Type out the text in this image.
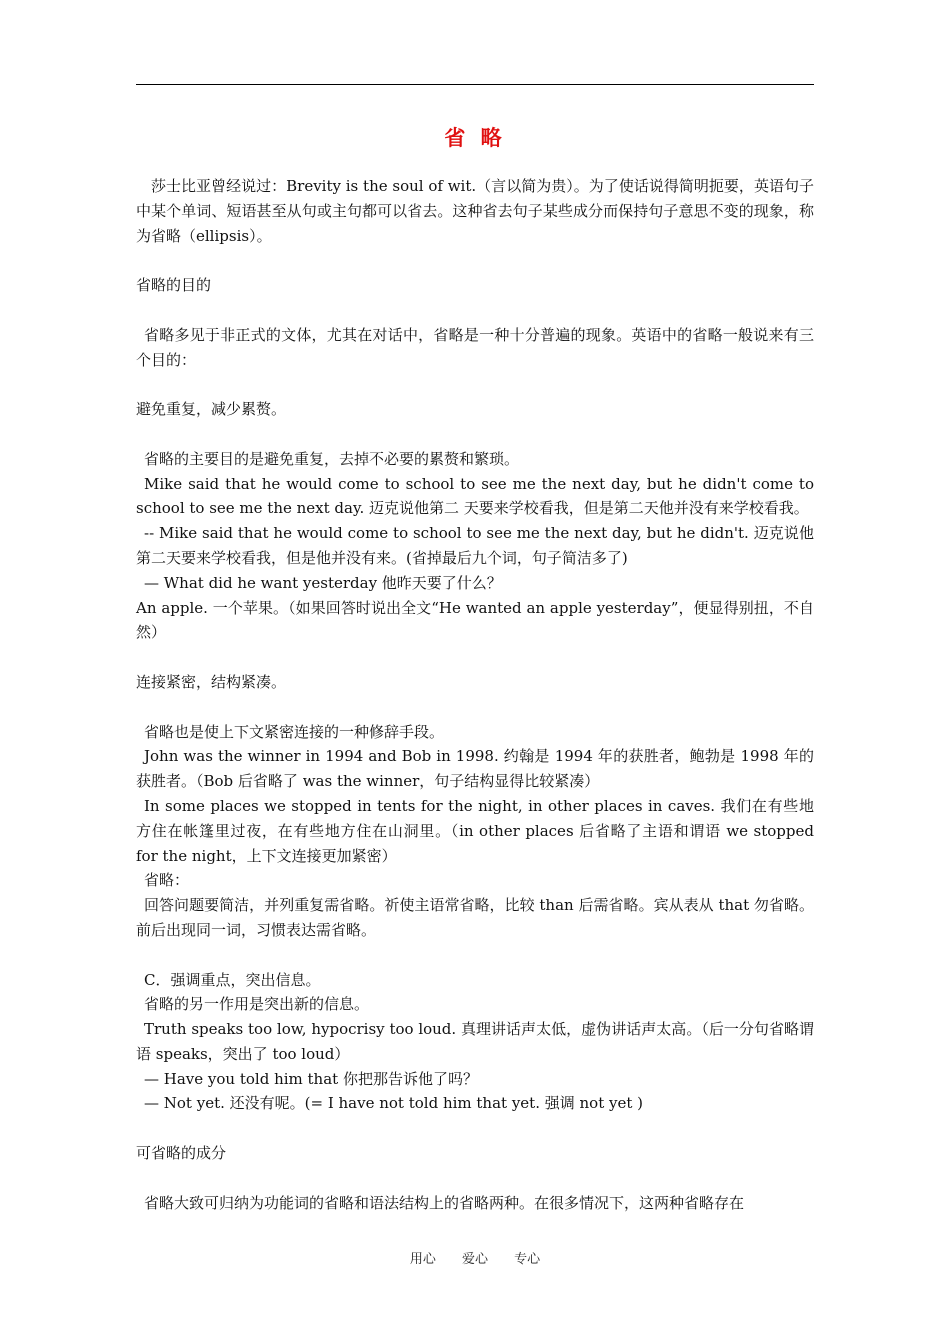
省 略

莎士比亚曾经说过：Brevity is the soul of wit.（言以简为贵）。为了使话说得简明扼要，英语句子中某个单词、短语甚至从句或主句都可以省去。这种省去句子某些成分而保持句子意思不变的现象，称为省略（ellipsis）。

省略的目的

省略多见于非正式的文体，尤其在对话中，省略是一种十分普遍的现象。英语中的省略一般说来有三个目的：

避免重复，减少累赘。

省略的主要目的是避免重复，去掉不必要的累赘和繁琐。

Mike said that he would come to school to see me the next day, but he didn't come to school to see me the next day. 迈克说他第二 天要来学校看我，但是第二天他并没有来学校看我。

-- Mike said that he would come to school to see me the next day, but he didn't. 迈克说他第二天要来学校看我，但是他并没有来。(省掉最后九个词，句子简洁多了)

— What did he want yesterday 他昨天要了什么？

An apple. 一个苹果。（如果回答时说出全文“He wanted an apple yesterday”，便显得别扭，不自然）

连接紧密，结构紧凑。

省略也是使上下文紧密连接的一种修辞手段。

John was the winner in 1994 and Bob in 1998. 约翰是 1994 年的获胜者，鲍勃是 1998 年的获胜者。（Bob 后省略了 was the winner，句子结构显得比较紧凑）

In some places we stopped in tents for the night, in other places in caves. 我们在有些地方住在帐篷里过夜，在有些地方住在山洞里。（in other places 后省略了主语和谓语 we stopped for the night，上下文连接更加紧密）

省略：

回答问题要简洁，并列重复需省略。祈使主语常省略，比较 than 后需省略。宾从表从 that 勿省略。前后出现同一词，习惯表达需省略。

C．强调重点，突出信息。

省略的另一作用是突出新的信息。

Truth speaks too low, hypocrisy too loud. 真理讲话声太低，虚伪讲话声太高。（后一分句省略谓语 speaks，突出了 too loud）

— Have you told him that 你把那告诉他了吗？

— Not yet. 还没有呢。(= I have not told him that yet. 强调 not yet )

可省略的成分

省略大致可归纳为功能词的省略和语法结构上的省略两种。在很多情况下，这两种省略存在

用心 爱心 专心
